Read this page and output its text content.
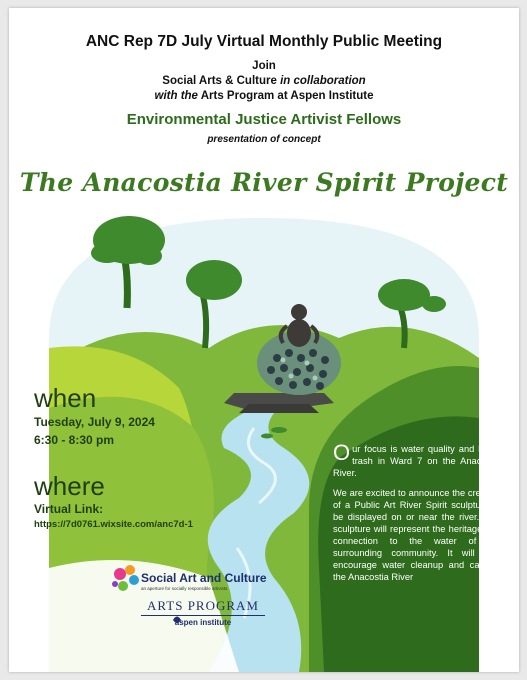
ANC Rep 7D July Virtual Monthly Public Meeting
Join
Social Arts & Culture in collaboration
with the Arts Program at Aspen Institute
Environmental Justice Artivist Fellows
presentation of concept
The Anacostia River Spirit Project
when
Tuesday, July 9, 2024
6:30 - 8:30 pm
where
Virtual Link:
https://7d0761.wixsite.com/anc7d-1

Our focus is water quality and bottle trash in Ward 7 on the Anacostia River.

We are excited to announce the creation of a Public Art River Spirit sculpture to be displayed on or near the river. This sculpture will represent the heritage and connection to the water of the surrounding community. It will also encourage water cleanup and care of the Anacostia River

Social Art and Culture
an aperture for socially responsible artivists
ARTS PROGRAM
aspen institute
